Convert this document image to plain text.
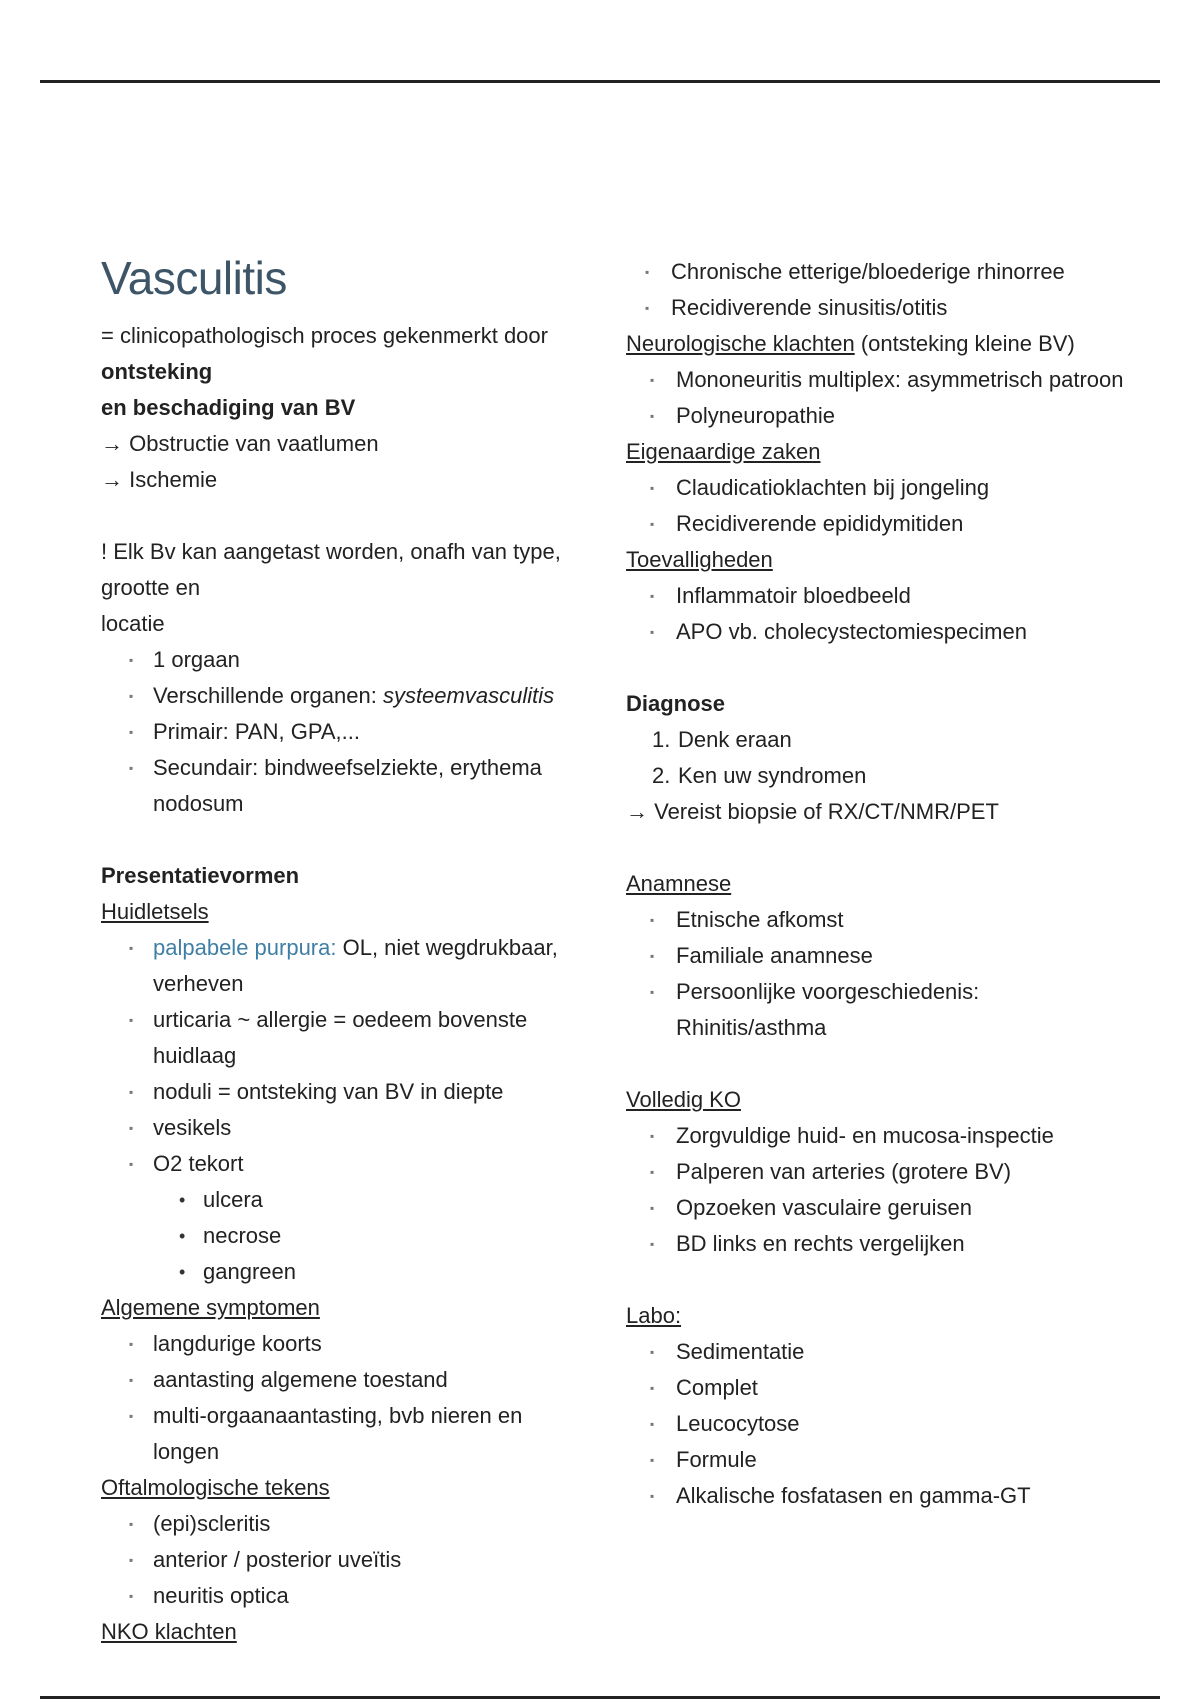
Vasculitis

= clinicopathologisch proces gekenmerkt door ontsteking
en beschadiging van BV

→ Obstructie van vaatlumen

→ Ischemie

! Elk Bv kan aangetast worden, onafh van type, grootte en

locatie

▪ 1 orgaan
▪ Verschillende organen: systeemvasculitis
▪ Primair: PAN, GPA,...
▪ Secundair: bindweefselziekte, erythema nodosum

Presentatievormen

Huidletsels

▪ palpabele purpura: OL, niet wegdrukbaar, verheven
▪ urticaria ~ allergie = oedeem bovenste huidlaag
▪ noduli = ontsteking van BV in diepte
▪ vesikels
▪ O2 tekort
• ulcera
• necrose
• gangreen

Algemene symptomen

▪ langdurige koorts
▪ aantasting algemene toestand
▪ multi-orgaanaantasting, bvb nieren en longen

Oftalmologische tekens

▪ (epi)scleritis
▪ anterior / posterior uveïtis
▪ neuritis optica

NKO klachten

▪ Chronische etterige/bloederige rhinorree
▪ Recidiverende sinusitis/otitis

Neurologische klachten (ontsteking kleine BV)

▪ Mononeuritis multiplex: asymmetrisch patroon
▪ Polyneuropathie

Eigenaardige zaken

▪ Claudicatioklachten bij jongeling
▪ Recidiverende epididymitiden

Toevalligheden

▪ Inflammatoir bloedbeeld
▪ APO vb. cholecystectomiespecimen

Diagnose

1. Denk eraan
2. Ken uw syndromen

→ Vereist biopsie of RX/CT/NMR/PET

Anamnese

▪ Etnische afkomst
▪ Familiale anamnese
▪ Persoonlijke voorgeschiedenis: Rhinitis/asthma

Volledig KO

▪ Zorgvuldige huid- en mucosa-inspectie
▪ Palperen van arteries (grotere BV)
▪ Opzoeken vasculaire geruisen
▪ BD links en rechts vergelijken

Labo:

▪ Sedimentatie
▪ Complet
▪ Leucocytose
▪ Formule
▪ Alkalische fosfatasen en gamma-GT
